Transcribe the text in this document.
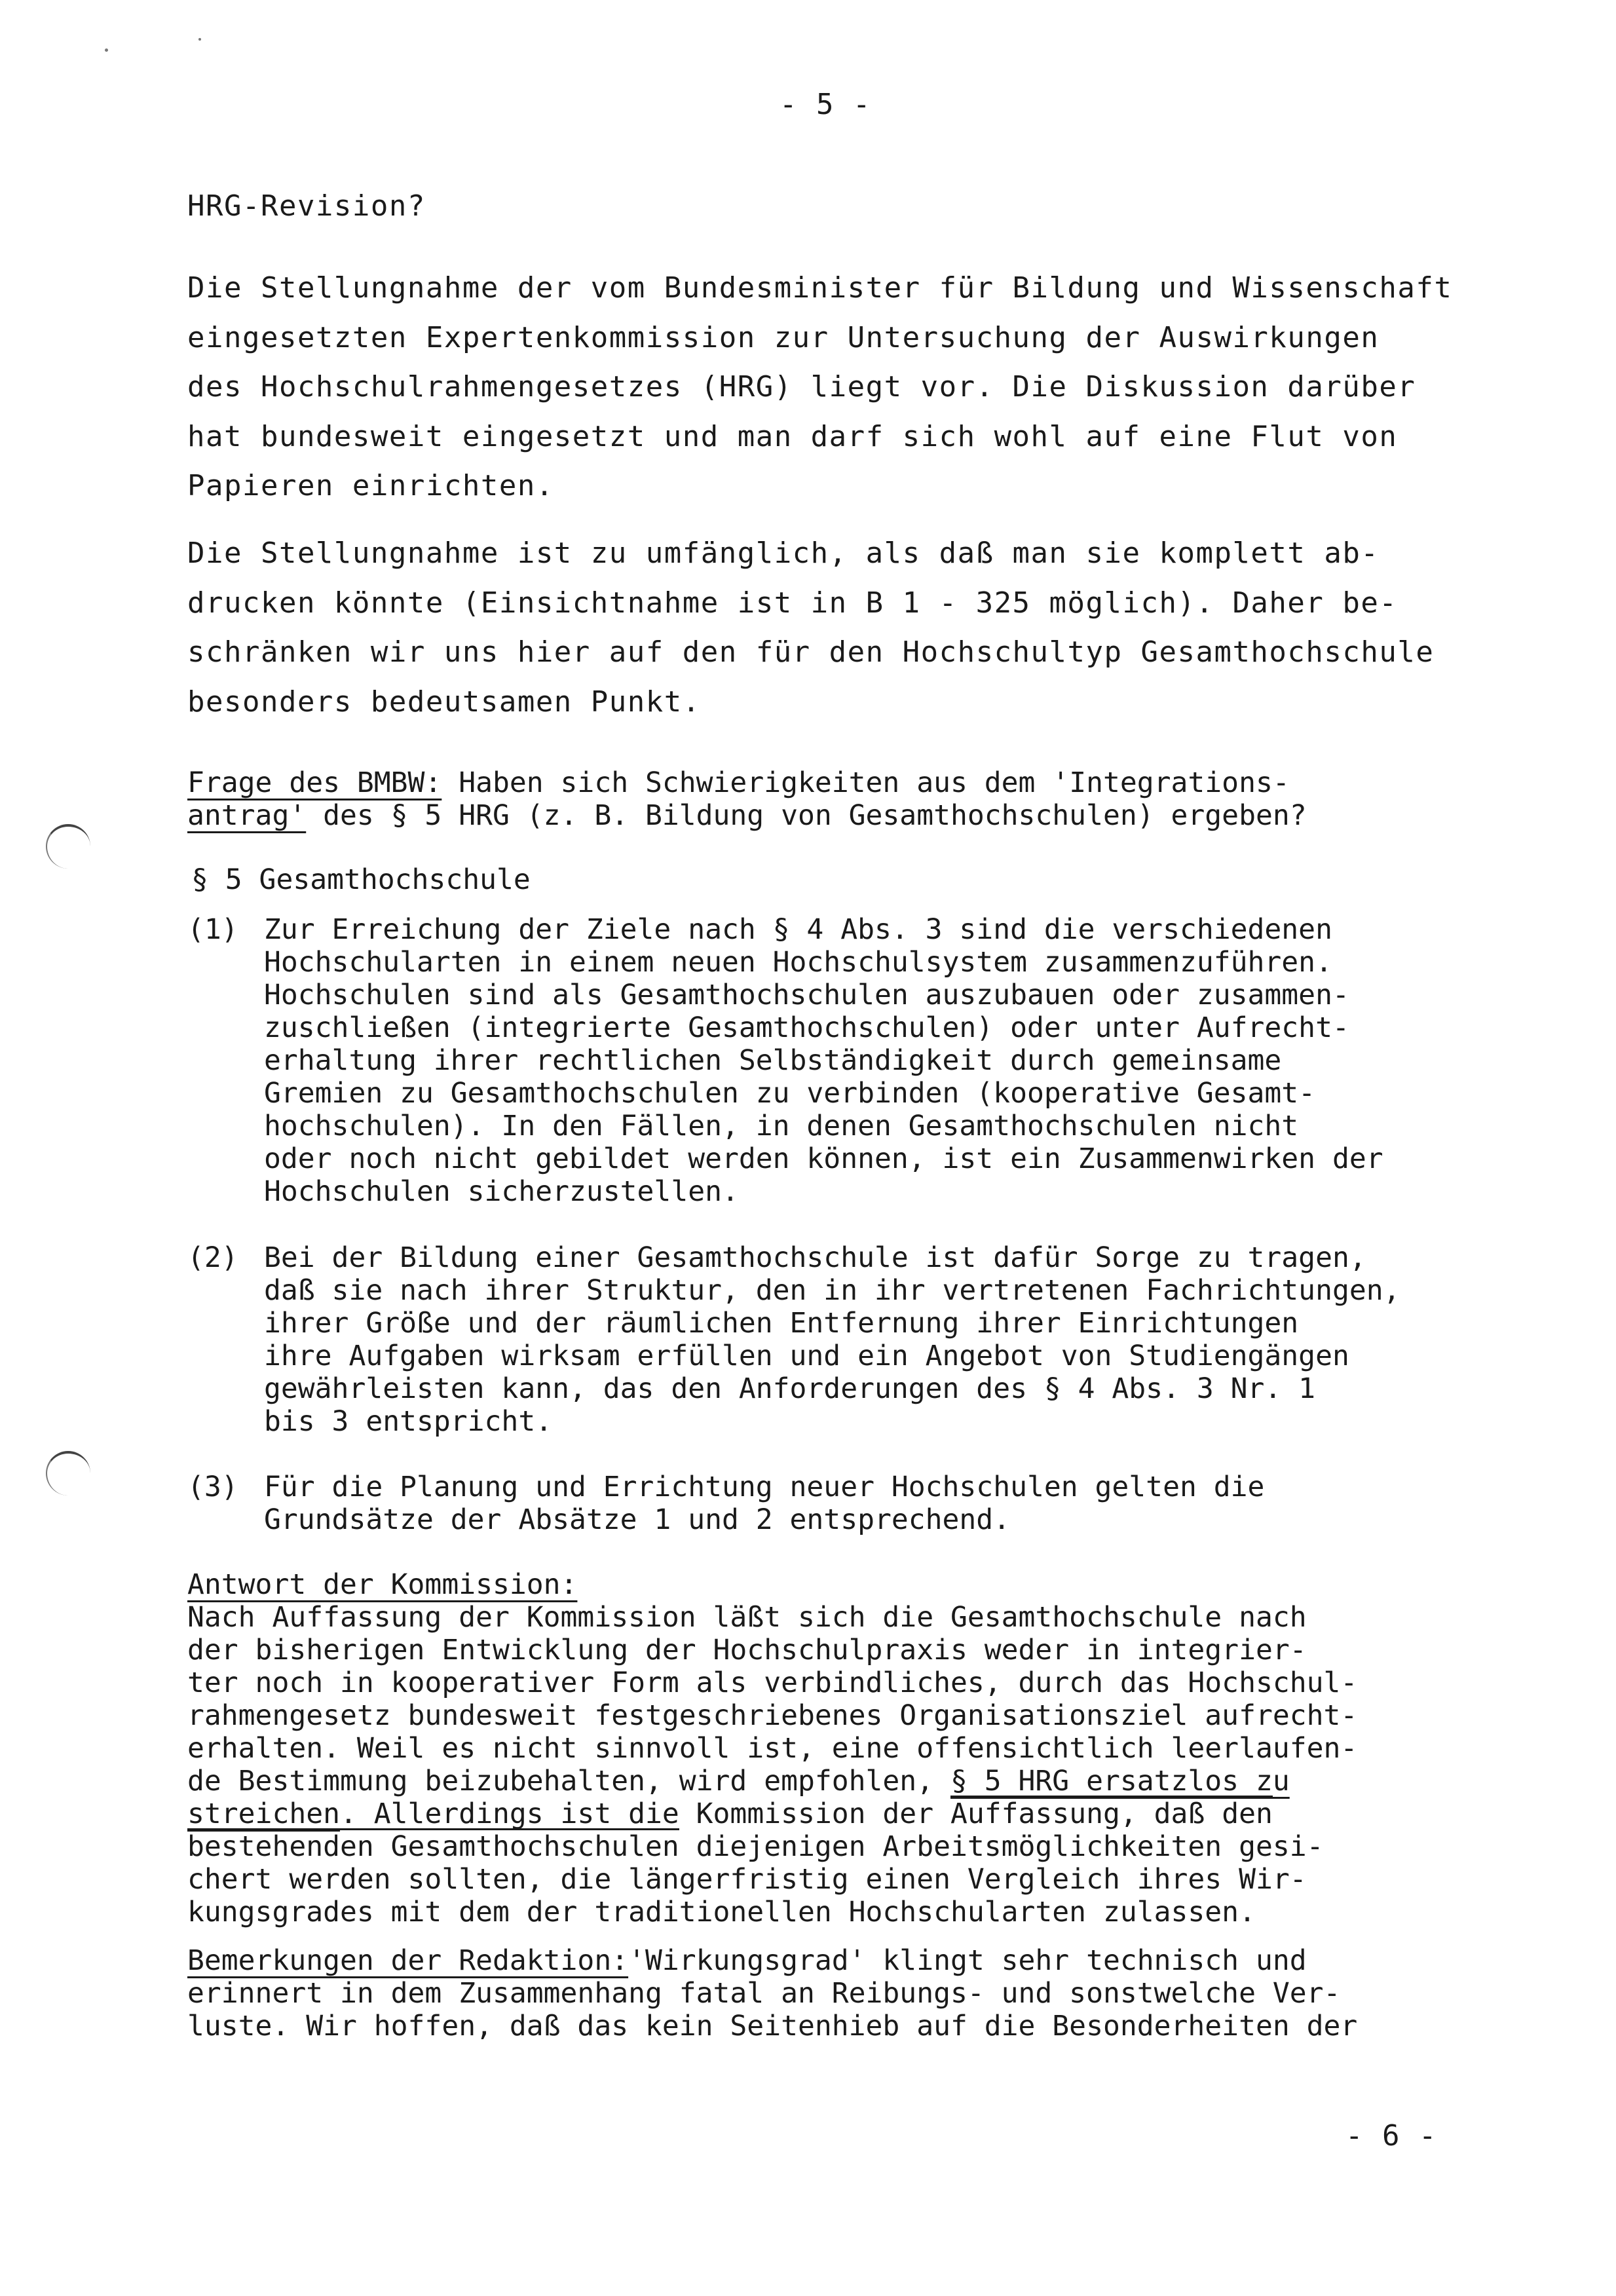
- 5 -
HRG-Revision?
Die Stellungnahme der vom Bundesminister für Bildung und Wissenschaft
eingesetzten Expertenkommission zur Untersuchung der Auswirkungen
des Hochschulrahmengesetzes (HRG) liegt vor. Die Diskussion darüber
hat bundesweit eingesetzt und man darf sich wohl auf eine Flut von
Papieren einrichten.
Die Stellungnahme ist zu umfänglich, als daß man sie komplett ab-
drucken könnte (Einsichtnahme ist in B 1 - 325 möglich). Daher be-
schränken wir uns hier auf den für den Hochschultyp Gesamthochschule
besonders bedeutsamen Punkt.
Frage des BMBW: Haben sich Schwierigkeiten aus dem 'Integrations-
antrag' des § 5 HRG (z. B. Bildung von Gesamthochschulen) ergeben?
§ 5 Gesamthochschule
(1) Zur Erreichung der Ziele nach § 4 Abs. 3 sind die verschiedenen
Hochschularten in einem neuen Hochschulsystem zusammenzuführen.
Hochschulen sind als Gesamthochschulen auszubauen oder zusammen-
zuschließen (integrierte Gesamthochschulen) oder unter Aufrecht-
erhaltung ihrer rechtlichen Selbständigkeit durch gemeinsame
Gremien zu Gesamthochschulen zu verbinden (kooperative Gesamt-
hochschulen). In den Fällen, in denen Gesamthochschulen nicht
oder noch nicht gebildet werden können, ist ein Zusammenwirken der
Hochschulen sicherzustellen.
(2) Bei der Bildung einer Gesamthochschule ist dafür Sorge zu tragen,
daß sie nach ihrer Struktur, den in ihr vertretenen Fachrichtungen,
ihrer Größe und der räumlichen Entfernung ihrer Einrichtungen
ihre Aufgaben wirksam erfüllen und ein Angebot von Studiengängen
gewährleisten kann, das den Anforderungen des § 4 Abs. 3 Nr. 1
bis 3 entspricht.
(3) Für die Planung und Errichtung neuer Hochschulen gelten die
Grundsätze der Absätze 1 und 2 entsprechend.
Antwort der Kommission:
Nach Auffassung der Kommission läßt sich die Gesamthochschule nach
der bisherigen Entwicklung der Hochschulpraxis weder in integrier-
ter noch in kooperativer Form als verbindliches, durch das Hochschul-
rahmengesetz bundesweit festgeschriebenes Organisationsziel aufrecht-
erhalten. Weil es nicht sinnvoll ist, eine offensichtlich leerlaufen-
de Bestimmung beizubehalten, wird empfohlen, § 5 HRG ersatzlos zu
streichen. Allerdings ist die Kommission der Auffassung, daß den
bestehenden Gesamthochschulen diejenigen Arbeitsmöglichkeiten gesi-
chert werden sollten, die längerfristig einen Vergleich ihres Wir-
kungsgrades mit dem der traditionellen Hochschularten zulassen.
Bemerkungen der Redaktion:'Wirkungsgrad' klingt sehr technisch und
erinnert in dem Zusammenhang fatal an Reibungs- und sonstwelche Ver-
luste. Wir hoffen, daß das kein Seitenhieb auf die Besonderheiten der
- 6 -
